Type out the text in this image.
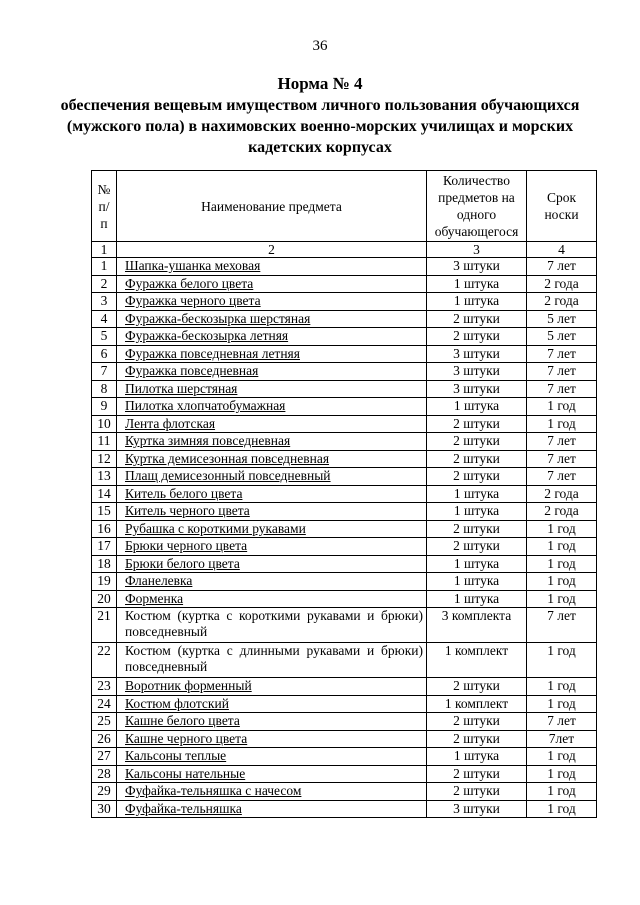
36
Норма № 4
обеспечения вещевым имуществом личного пользования обучающихся (мужского пола) в нахимовских военно-морских училищах и морских кадетских корпусах
№ п/п	Наименование предмета	Количество предметов на одного обучающегося	Срок носки
1	2	3	4
1	Шапка-ушанка меховая	3 штуки	7 лет
2	Фуражка белого цвета	1 штука	2 года
3	Фуражка черного цвета	1 штука	2 года
4	Фуражка-бескозырка шерстяная	2 штуки	5 лет
5	Фуражка-бескозырка летняя	2 штуки	5 лет
6	Фуражка повседневная летняя	3 штуки	7 лет
7	Фуражка повседневная	3 штуки	7 лет
8	Пилотка шерстяная	3 штуки	7 лет
9	Пилотка хлопчатобумажная	1 штука	1 год
10	Лента флотская	2 штуки	1 год
11	Куртка зимняя повседневная	2 штуки	7 лет
12	Куртка демисезонная повседневная	2 штуки	7 лет
13	Плащ демисезонный повседневный	2 штуки	7 лет
14	Китель белого цвета	1 штука	2 года
15	Китель черного цвета	1 штука	2 года
16	Рубашка с короткими рукавами	2 штуки	1 год
17	Брюки черного цвета	2 штуки	1 год
18	Брюки белого цвета	1 штука	1 год
19	Фланелевка	1 штука	1 год
20	Форменка	1 штука	1 год
21	Костюм (куртка с короткими рукавами и брюки) повседневный	3 комплекта	7 лет
22	Костюм (куртка с длинными рукавами и брюки) повседневный	1 комплект	1 год
23	Воротник форменный	2 штуки	1 год
24	Костюм флотский	1 комплект	1 год
25	Кашне белого цвета	2 штуки	7 лет
26	Кашне черного цвета	2 штуки	7лет
27	Кальсоны теплые	1 штука	1 год
28	Кальсоны нательные	2 штуки	1 год
29	Фуфайка-тельняшка с начесом	2 штуки	1 год
30	Фуфайка-тельняшка	3 штуки	1 год
